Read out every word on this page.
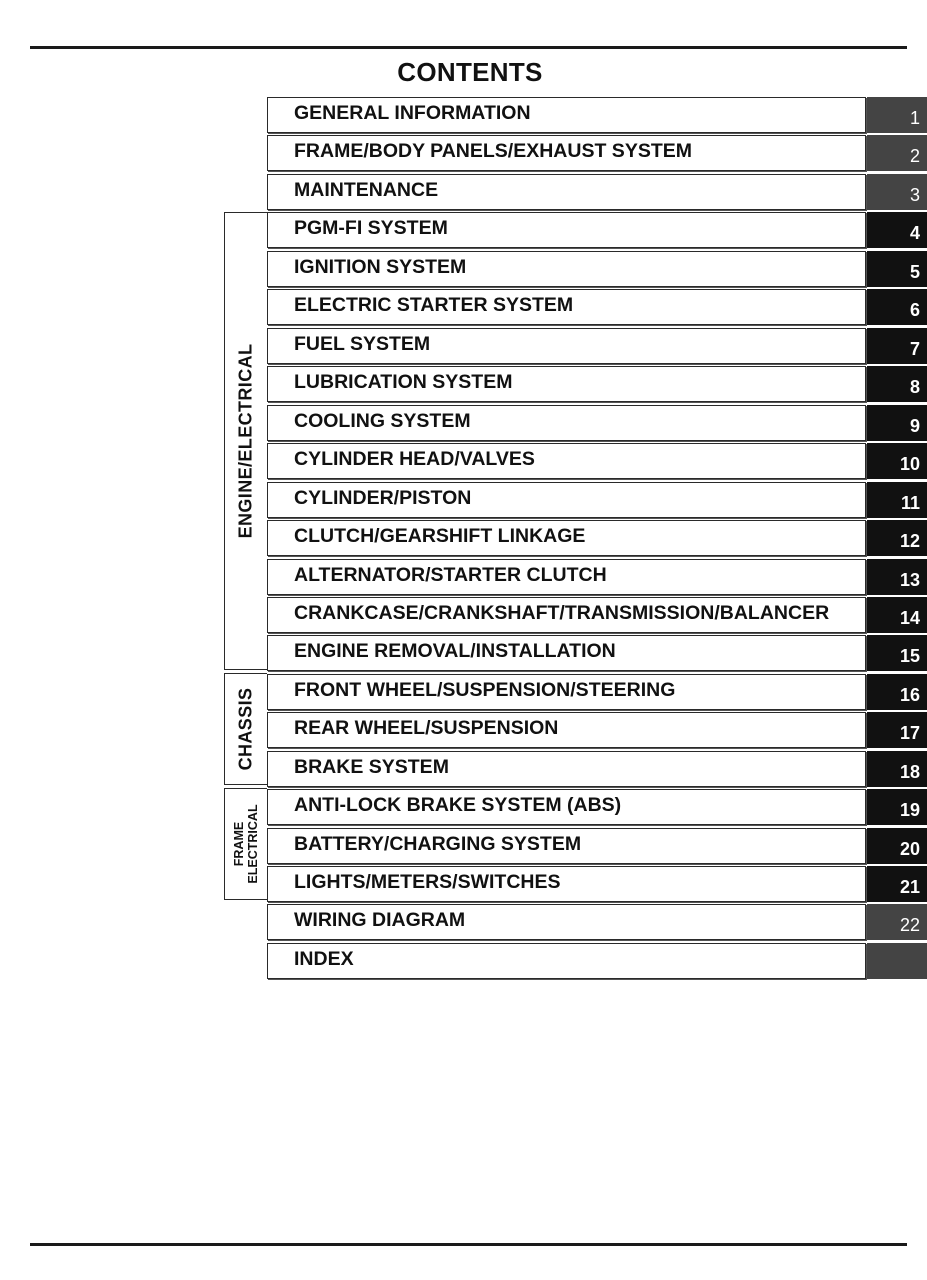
CONTENTS
ENGINE/ELECTRICAL
CHASSIS
FRAME ELECTRICAL
GENERAL INFORMATION	1
FRAME/BODY PANELS/EXHAUST SYSTEM	2
MAINTENANCE	3
PGM-FI SYSTEM	4
IGNITION SYSTEM	5
ELECTRIC STARTER SYSTEM	6
FUEL SYSTEM	7
LUBRICATION SYSTEM	8
COOLING SYSTEM	9
CYLINDER HEAD/VALVES	10
CYLINDER/PISTON	11
CLUTCH/GEARSHIFT LINKAGE	12
ALTERNATOR/STARTER CLUTCH	13
CRANKCASE/CRANKSHAFT/TRANSMISSION/BALANCER	14
ENGINE REMOVAL/INSTALLATION	15
FRONT WHEEL/SUSPENSION/STEERING	16
REAR WHEEL/SUSPENSION	17
BRAKE SYSTEM	18
ANTI-LOCK BRAKE SYSTEM (ABS)	19
BATTERY/CHARGING SYSTEM	20
LIGHTS/METERS/SWITCHES	21
WIRING DIAGRAM	22
INDEX
